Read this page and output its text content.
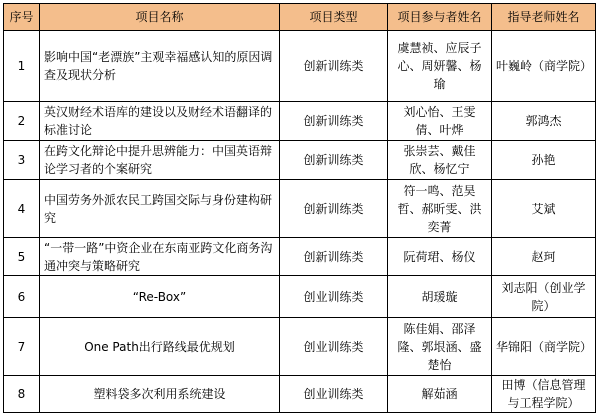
序号	项目名称	项目类型	项目参与者姓名	指导老师姓名
1	影响中国“老漂族”主观幸福感认知的原因调查及现状分析	创新训练类	虞慧祯、应辰子心、周妍馨、杨瑜	叶巍岭（商学院）
2	英汉财经术语库的建设以及财经术语翻译的标准讨论	创新训练类	刘心怡、王雯倩、叶烨	郭鸿杰
3	在跨文化辩论中提升思辨能力：中国英语辩论学习者的个案研究	创新训练类	张崇芸、戴佳欣、杨忆宁	孙艳
4	中国劳务外派农民工跨国交际与身份建构研究	创新训练类	符一鸣、范昊哲、郝昕雯、洪奕菁	艾斌
5	“一带一路”中资企业在东南亚跨文化商务沟通冲突与策略研究	创新训练类	阮荷珺、杨仪	赵珂
6	“Re-Box”	创业训练类	胡瑗璇	刘志阳（创业学院）
7	One Path出行路线最优规划	创业训练类	陈佳娟、邵泽隆、郭垠涵、盛楚怡	华锦阳（商学院）
8	塑料袋多次利用系统建设	创业训练类	解茹涵	田博（信息管理与工程学院）
